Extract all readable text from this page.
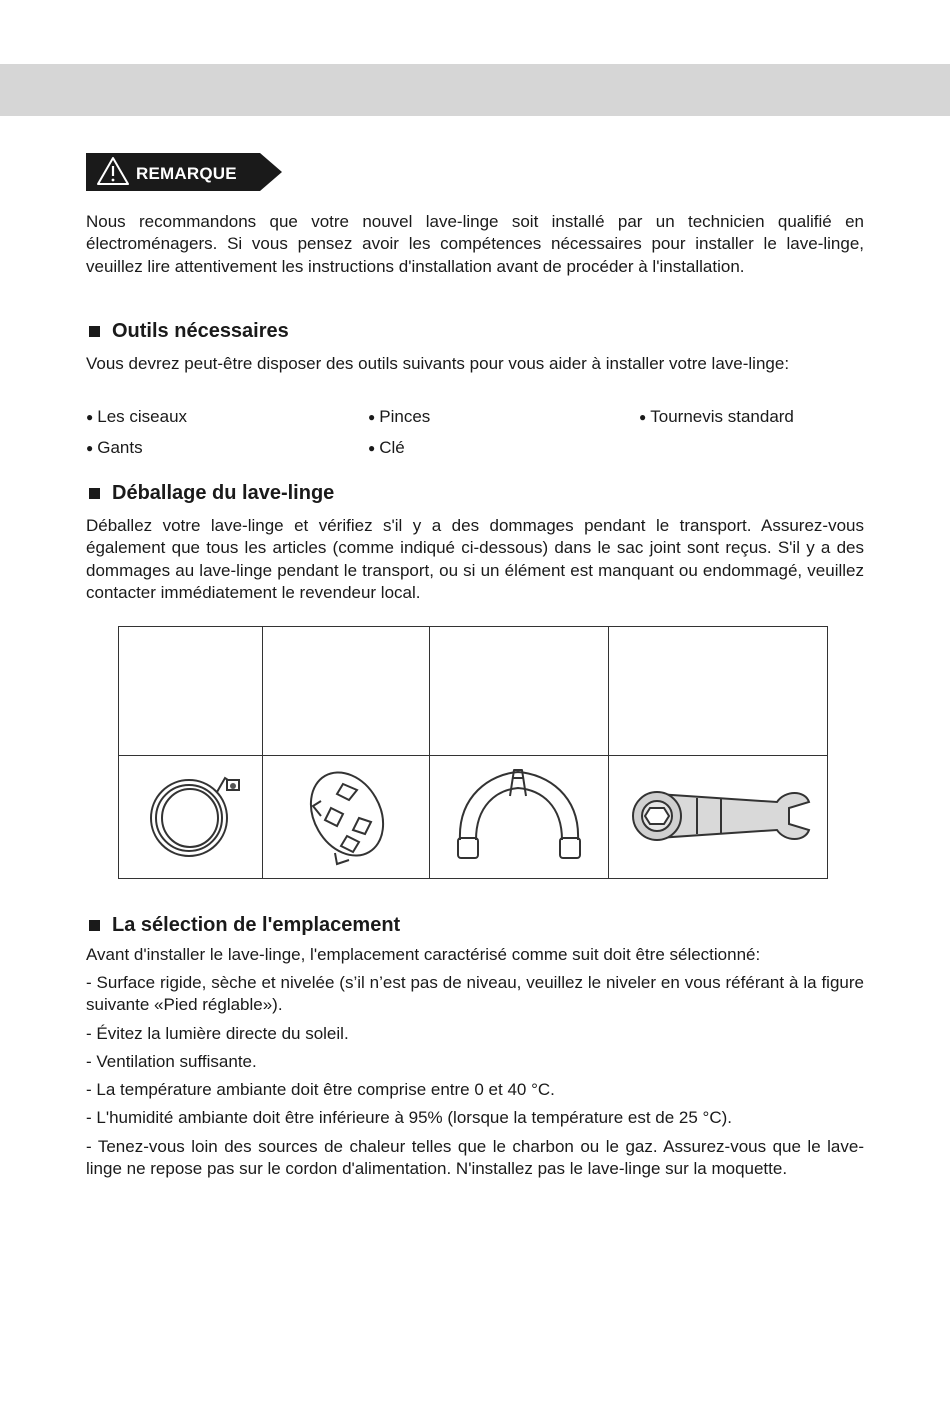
REMARQUE

Nous recommandons que votre nouvel lave-linge soit installé par un technicien qualifié en électroménagers. Si vous pensez avoir les compétences nécessaires pour installer le lave-linge, veuillez lire attentivement les instructions d'installation avant de procéder à l'installation.

Outils nécessaires

Vous devrez peut-être disposer des outils suivants pour vous aider à installer votre lave-linge:

● Les ciseaux	● Pinces	● Tournevis standard
● Gants	● Clé
Déballage du lave-linge

Déballez votre lave-linge et vérifiez s'il y a des dommages pendant le transport. Assurez-vous également que tous les articles (comme indiqué ci-dessous) dans le sac joint sont reçus. S'il y a des dommages au lave-linge pendant le transport, ou si un élément est manquant ou endommagé, veuillez contacter immédiatement le revendeur local.

La sélection de l'emplacement

Avant d'installer le lave-linge, l'emplacement caractérisé comme suit doit être sélectionné:

- Surface rigide, sèche et nivelée (s’il n’est pas de niveau, veuillez le niveler en vous référant à la figure suivante «Pied réglable»).
- Évitez la lumière directe du soleil.
- Ventilation suffisante.
- La température ambiante doit être comprise entre 0 et 40 °C.
- L'humidité ambiante doit être inférieure à 95% (lorsque la température est de 25 °C).
- Tenez-vous loin des sources de chaleur telles que le charbon ou le gaz. Assurez-vous que le lave-linge ne repose pas sur le cordon d'alimentation. N'installez pas le lave-linge sur la moquette.
